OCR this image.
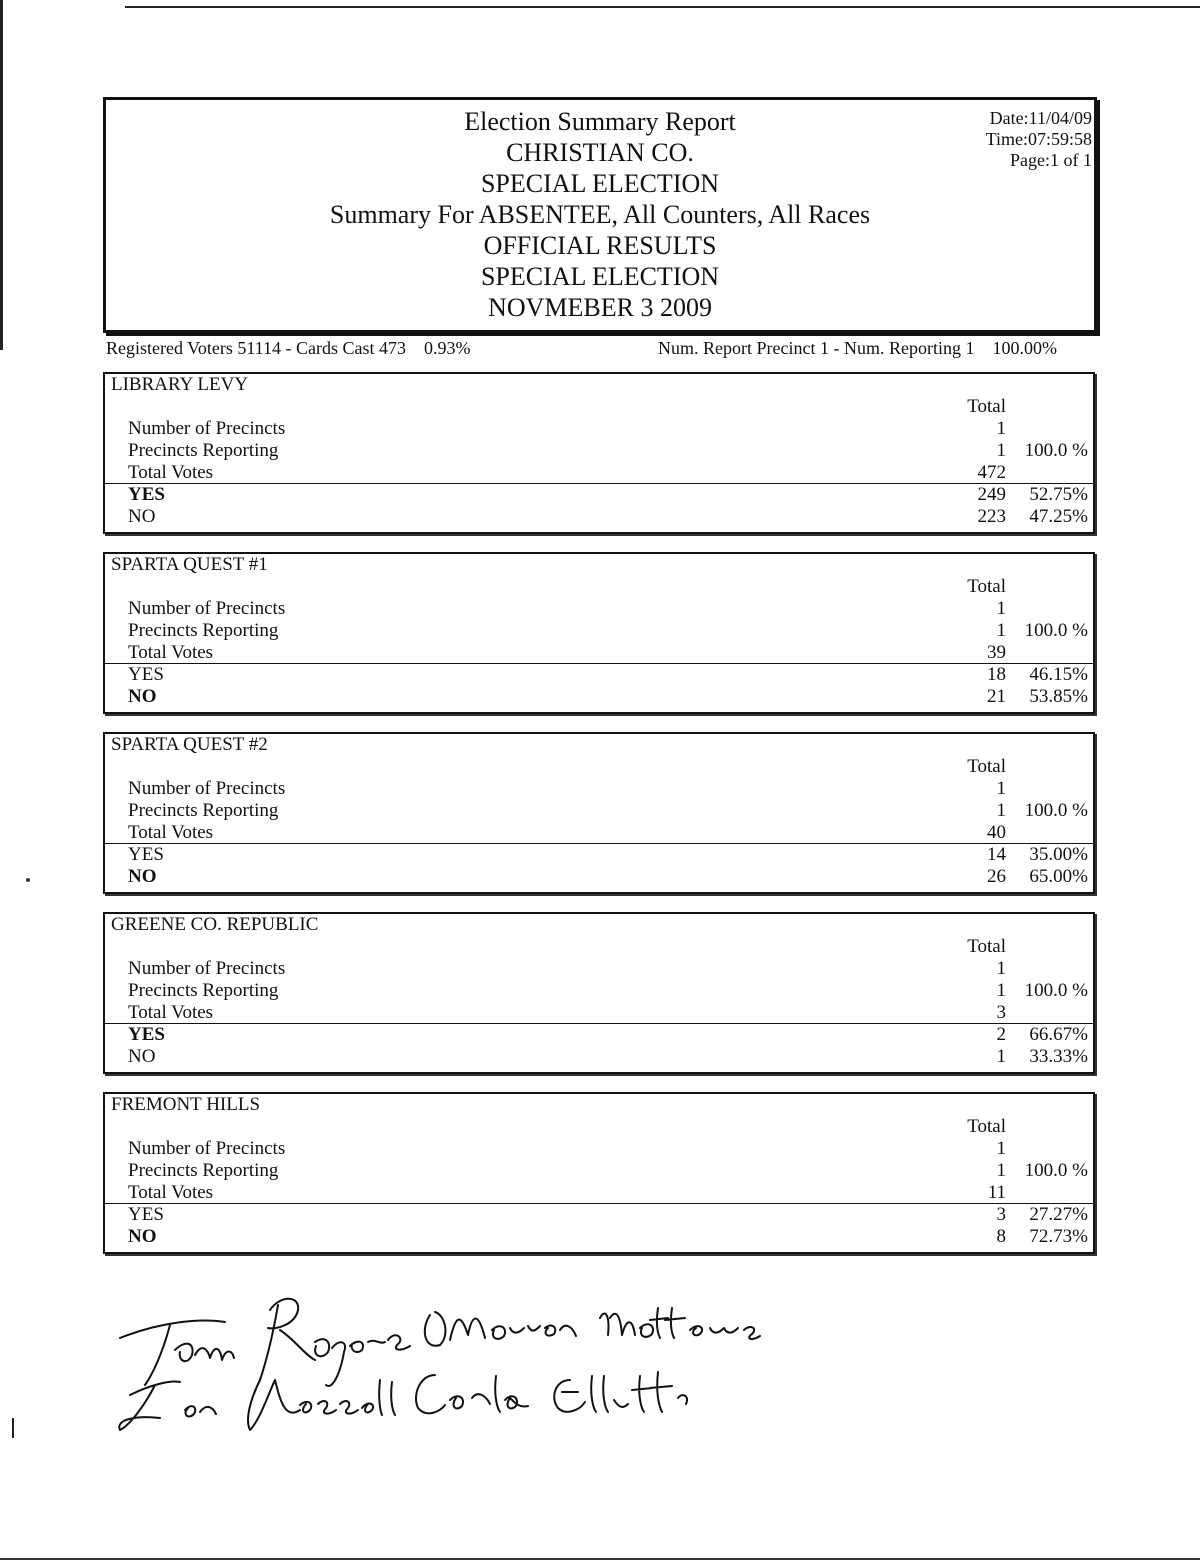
Election Summary Report
CHRISTIAN CO.
SPECIAL ELECTION
Summary For ABSENTEE, All Counters, All Races
OFFICIAL RESULTS
SPECIAL ELECTION
NOVMEBER 3 2009
Date:11/04/09
Time:07:59:58
Page:1 of 1
Registered Voters 51114 - Cards Cast 473    0.93%	Num. Report Precinct 1 - Num. Reporting 1    100.00%
LIBRARY LEVY
Total
Number of Precincts	1
Precincts Reporting	1 100.0 %
Total Votes	472
YES	249	52.75%
NO	223	47.25%
SPARTA QUEST #1
Total
Number of Precincts	1
Precincts Reporting	1 100.0 %
Total Votes	39
YES	18	46.15%
NO	21	53.85%
SPARTA QUEST #2
Total
Number of Precincts	1
Precincts Reporting	1 100.0 %
Total Votes	40
YES	14	35.00%
NO	26	65.00%
GREENE CO. REPUBLIC
Total
Number of Precincts	1
Precincts Reporting	1 100.0 %
Total Votes	3
YES	2	66.67%
NO	1	33.33%
FREMONT HILLS
Total
Number of Precincts	1
Precincts Reporting	1 100.0 %
Total Votes	11
YES	3	27.27%
NO	8	72.73%
